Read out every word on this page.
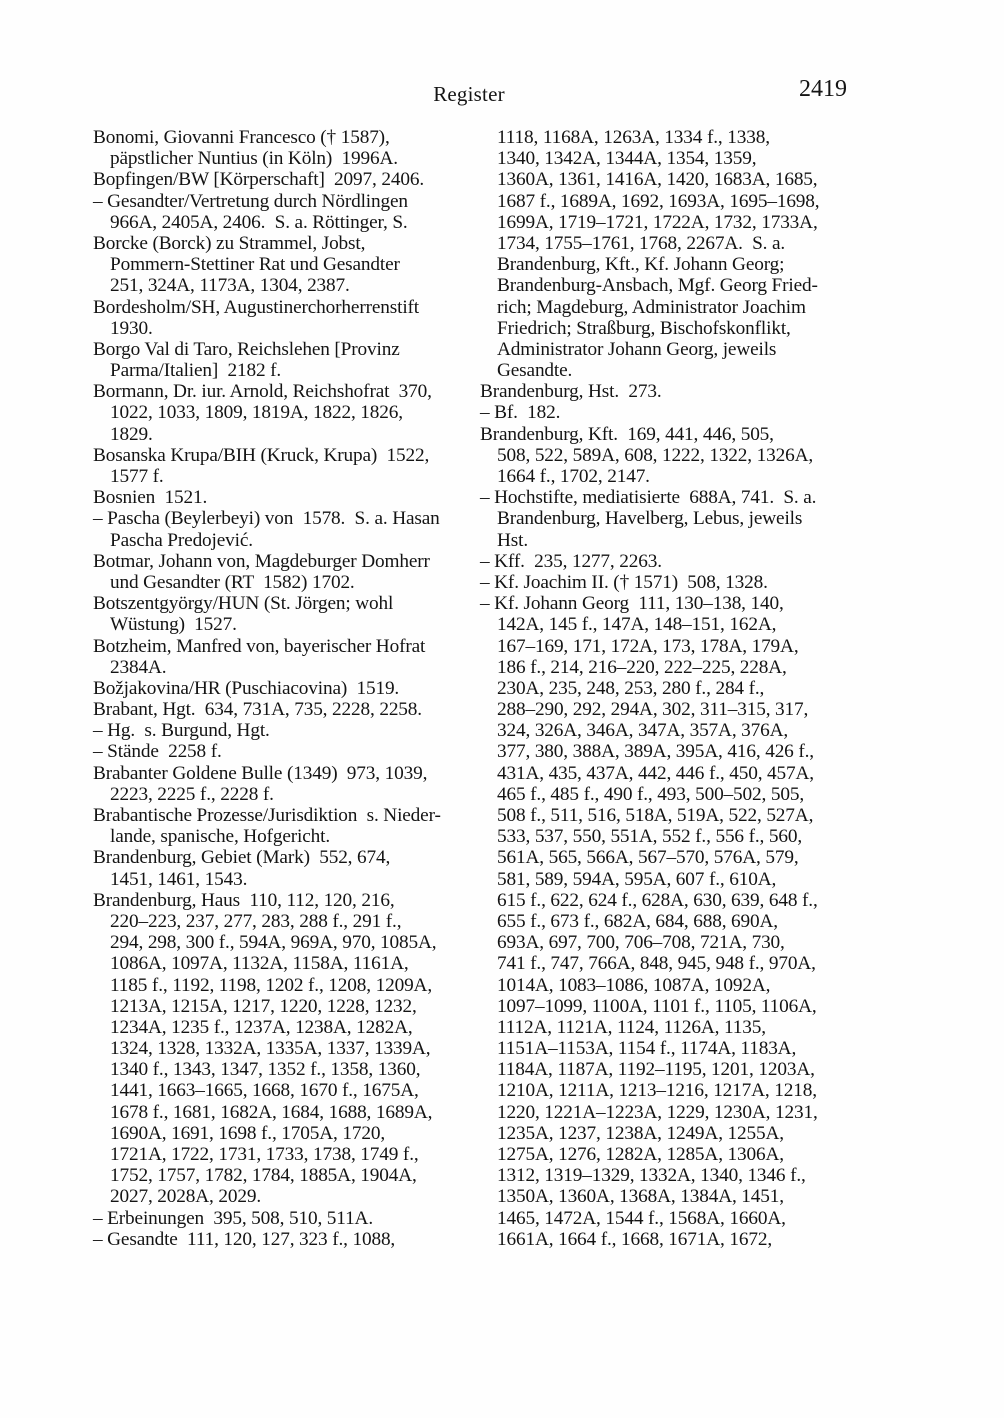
Register	2419
Bonomi, Giovanni Francesco († 1587),
päpstlicher Nuntius (in Köln)  1996A.
Bopfingen/BW [Körperschaft]  2097, 2406.
– Gesandter/Vertretung durch Nördlingen
966A, 2405A, 2406.  S. a. Röttinger, S.
Borcke (Borck) zu Strammel, Jobst,
Pommern-Stettiner Rat und Gesandter
251, 324A, 1173A, 1304, 2387.
Bordesholm/SH, Augustinerchorherrenstift
1930.
Borgo Val di Taro, Reichslehen [Provinz
Parma/Italien]  2182 f.
Bormann, Dr. iur. Arnold, Reichshofrat  370,
1022, 1033, 1809, 1819A, 1822, 1826,
1829.
Bosanska Krupa/BIH (Kruck, Krupa)  1522,
1577 f.
Bosnien  1521.
– Pascha (Beylerbeyi) von  1578.  S. a. Hasan
Pascha Predojević.
Botmar, Johann von, Magdeburger Domherr
und Gesandter (RT  1582) 1702.
Botszentgyörgy/HUN (St. Jörgen; wohl
Wüstung)  1527.
Botzheim, Manfred von, bayerischer Hofrat
2384A.
Božjakovina/HR (Puschiacovina)  1519.
Brabant, Hgt.  634, 731A, 735, 2228, 2258.
– Hg.  s. Burgund, Hgt.
– Stände  2258 f.
Brabanter Goldene Bulle (1349)  973, 1039,
2223, 2225 f., 2228 f.
Brabantische Prozesse/Jurisdiktion  s. Nieder-
lande, spanische, Hofgericht.
Brandenburg, Gebiet (Mark)  552, 674,
1451, 1461, 1543.
Brandenburg, Haus  110, 112, 120, 216,
220–223, 237, 277, 283, 288 f., 291 f.,
294, 298, 300 f., 594A, 969A, 970, 1085A,
1086A, 1097A, 1132A, 1158A, 1161A,
1185 f., 1192, 1198, 1202 f., 1208, 1209A,
1213A, 1215A, 1217, 1220, 1228, 1232,
1234A, 1235 f., 1237A, 1238A, 1282A,
1324, 1328, 1332A, 1335A, 1337, 1339A,
1340 f., 1343, 1347, 1352 f., 1358, 1360,
1441, 1663–1665, 1668, 1670 f., 1675A,
1678 f., 1681, 1682A, 1684, 1688, 1689A,
1690A, 1691, 1698 f., 1705A, 1720,
1721A, 1722, 1731, 1733, 1738, 1749 f.,
1752, 1757, 1782, 1784, 1885A, 1904A,
2027, 2028A, 2029.
– Erbeinungen  395, 508, 510, 511A.
– Gesandte  111, 120, 127, 323 f., 1088,
1118, 1168A, 1263A, 1334 f., 1338,
1340, 1342A, 1344A, 1354, 1359,
1360A, 1361, 1416A, 1420, 1683A, 1685,
1687 f., 1689A, 1692, 1693A, 1695–1698,
1699A, 1719–1721, 1722A, 1732, 1733A,
1734, 1755–1761, 1768, 2267A.  S. a.
Brandenburg, Kft., Kf. Johann Georg;
Brandenburg-Ansbach, Mgf. Georg Fried-
rich; Magdeburg, Administrator Joachim
Friedrich; Straßburg, Bischofskonflikt,
Administrator Johann Georg, jeweils
Gesandte.
Brandenburg, Hst.  273.
– Bf.  182.
Brandenburg, Kft.  169, 441, 446, 505,
508, 522, 589A, 608, 1222, 1322, 1326A,
1664 f., 1702, 2147.
– Hochstifte, mediatisierte  688A, 741.  S. a.
Brandenburg, Havelberg, Lebus, jeweils
Hst.
– Kff.  235, 1277, 2263.
– Kf. Joachim II. († 1571)  508, 1328.
– Kf. Johann Georg  111, 130–138, 140,
142A, 145 f., 147A, 148–151, 162A,
167–169, 171, 172A, 173, 178A, 179A,
186 f., 214, 216–220, 222–225, 228A,
230A, 235, 248, 253, 280 f., 284 f.,
288–290, 292, 294A, 302, 311–315, 317,
324, 326A, 346A, 347A, 357A, 376A,
377, 380, 388A, 389A, 395A, 416, 426 f.,
431A, 435, 437A, 442, 446 f., 450, 457A,
465 f., 485 f., 490 f., 493, 500–502, 505,
508 f., 511, 516, 518A, 519A, 522, 527A,
533, 537, 550, 551A, 552 f., 556 f., 560,
561A, 565, 566A, 567–570, 576A, 579,
581, 589, 594A, 595A, 607 f., 610A,
615 f., 622, 624 f., 628A, 630, 639, 648 f.,
655 f., 673 f., 682A, 684, 688, 690A,
693A, 697, 700, 706–708, 721A, 730,
741 f., 747, 766A, 848, 945, 948 f., 970A,
1014A, 1083–1086, 1087A, 1092A,
1097–1099, 1100A, 1101 f., 1105, 1106A,
1112A, 1121A, 1124, 1126A, 1135,
1151A–1153A, 1154 f., 1174A, 1183A,
1184A, 1187A, 1192–1195, 1201, 1203A,
1210A, 1211A, 1213–1216, 1217A, 1218,
1220, 1221A–1223A, 1229, 1230A, 1231,
1235A, 1237, 1238A, 1249A, 1255A,
1275A, 1276, 1282A, 1285A, 1306A,
1312, 1319–1329, 1332A, 1340, 1346 f.,
1350A, 1360A, 1368A, 1384A, 1451,
1465, 1472A, 1544 f., 1568A, 1660A,
1661A, 1664 f., 1668, 1671A, 1672,
